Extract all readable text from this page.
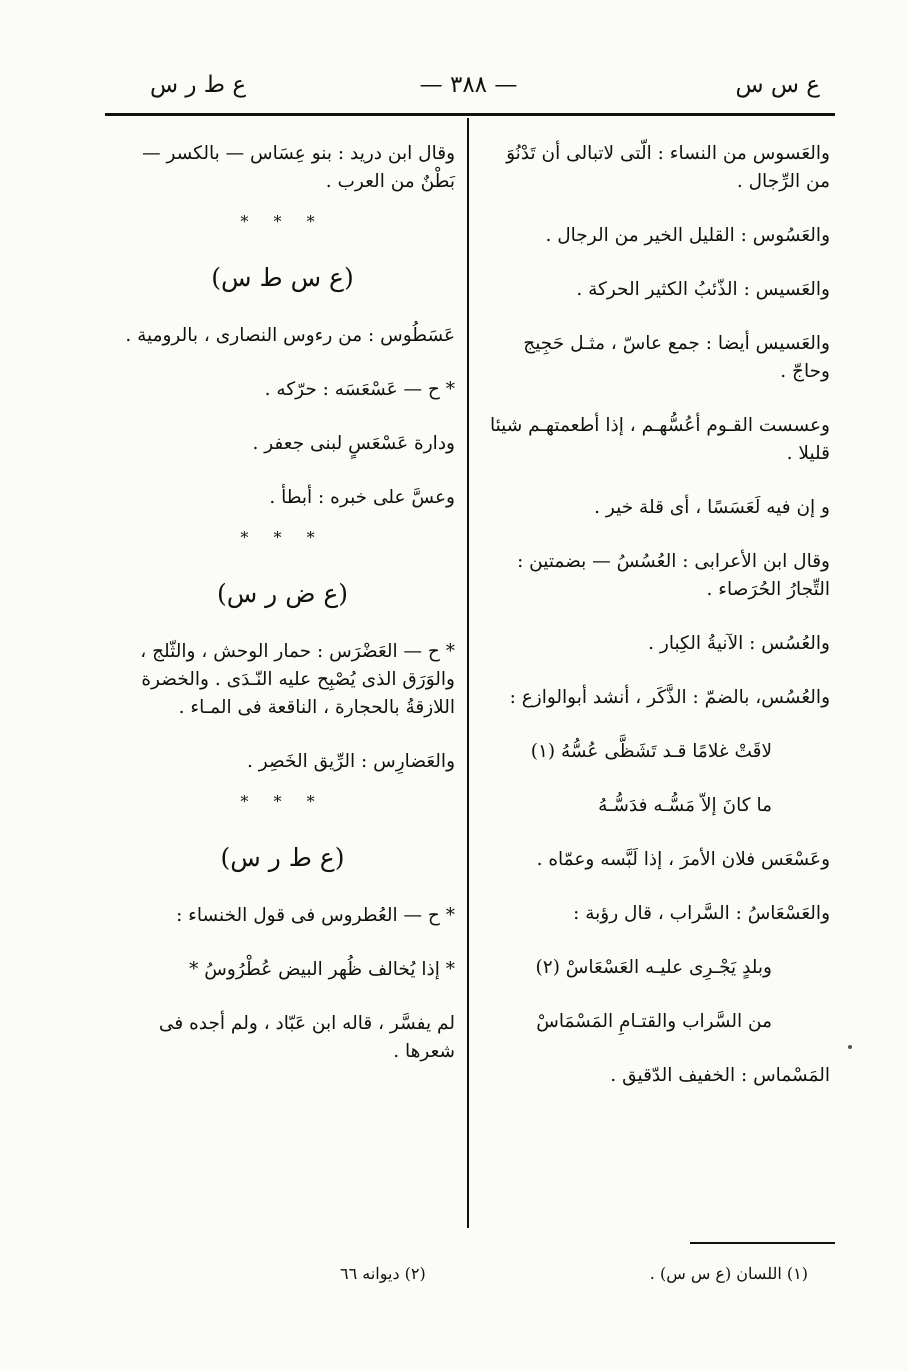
ع س س
— ٣٨٨ —
ع ط ر س

والعَسوس من النساء : الّتى لاتبالى أن تَدْنُوَ من الرِّجال .

والعَسُوس : القليل الخير من الرجال .

والعَسيس : الذّئبُ الكثير الحركة .

والعَسيس أيضا : جمع عاسّ ، مثـل حَجِيج وحاجّ .

وعسست القـوم أعُسُّهـم ، إذا أطعمتهـم شيئا قليلا .

و إن فيه لَعَسَسًا ، أى قلة خير .

وقال ابن الأعرابى : العُسُسُ — بضمتين : التِّجارُ الحُرَصاء .

والعُسُس : الآنيةُ الكِبار .

والعُسُس، بالضمّ : الذَّكَر ، أنشد أبوالوازع :

لاقَتْ غلامًا قـد تَشَظَّى عُسُّهُ (١)

ما كانَ إلاّ مَسُّـه فدَسُّـهُ

وعَسْعَس فلان الأمرَ ، إذا لَبَّسه وعمّاه .

والعَسْعَاسُ : السَّراب ، قال رؤبة :

وبلدٍ يَجْـرِى عليـه العَسْعَاسْ (٢)

من السَّراب والقتـامِ المَسْمَاسْ

المَسْماس : الخفيف الدّقيق .

وقال ابن دريد : بنو عِسَاس — بالكسر — بَطْنٌ من العرب .

* * *
(ع س ط س)

عَسَطُوس : من رءوس النصارى ، بالرومية .

* ح — عَسْعَسَه : حرّكه .

ودارة عَسْعَسٍ لبنى جعفر .

وعسَّ على خبره : أبطأ .

* * *
(ع ض ر س)

* ح — العَضْرَس : حمار الوحش ، والثّلج ، والوَرَق الذى يُصْبِح عليه النّـدَى . والخضرة اللازقةُ بالحجارة ، الناقعة فى المـاء .

والعَضارِس : الرِّيق الخَصِر .

* * *
(ع ط ر س)

* ح — العُطروس فى قول الخنساء :

* إذا يُخالف ظُهر البيض عُطْرُوسُ *

لم يفسَّر ، قاله ابن عَبّاد ، ولم أجده فى شعرها .

(١) اللسان (ع س س) .
(٢) ديوانه ٦٦
